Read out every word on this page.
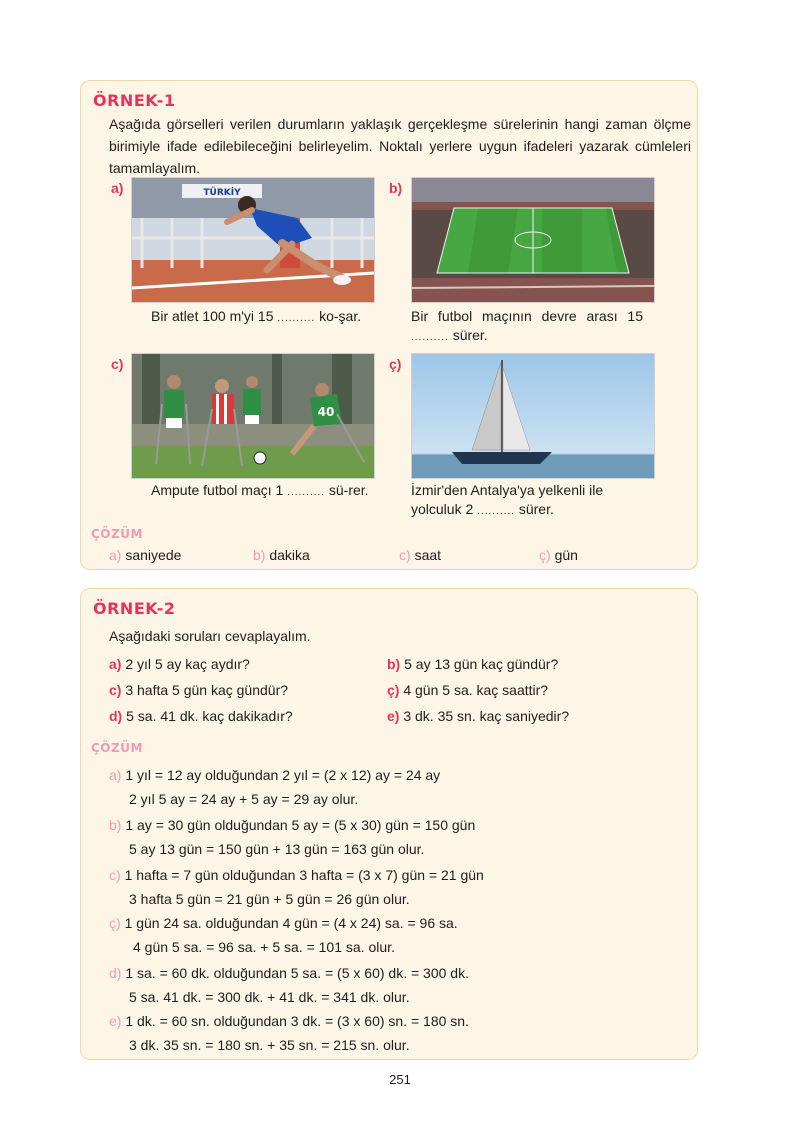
ÖRNEK-1
Aşağıda görselleri verilen durumların yaklaşık gerçekleşme sürelerinin hangi zaman ölçme birimiyle ifade edilebileceğini belirleyelim. Noktalı yerlere uygun ifadeleri yazarak cümleleri tamamlayalım.
a)	TÜRKİY
Bir atlet 100 m'yi 15 .......... ko-şar.
b)
Bir futbol maçının devre arası 15 .......... sürer.
c)
40
Ampute futbol maçı 1 .......... sü-rer.
ç)
İzmir'den Antalya'ya yelkenli ile yolculuk 2 .......... sürer.
ÇÖZÜM
a) saniyede	b) dakika	c) saat	ç) gün
ÖRNEK-2
Aşağıdaki soruları cevaplayalım.
a) 2 yıl 5 ay kaç aydır?	b) 5 ay 13 gün kaç gündür?
c) 3 hafta 5 gün kaç gündür?	ç) 4 gün 5 sa. kaç saattir?
d) 5 sa. 41 dk. kaç dakikadır?	e) 3 dk. 35 sn. kaç saniyedir?
ÇÖZÜM
a) 1 yıl = 12 ay olduğundan 2 yıl = (2 x 12) ay = 24 ay
2 yıl 5 ay = 24 ay + 5 ay = 29 ay olur.
b) 1 ay = 30 gün olduğundan 5 ay = (5 x 30) gün = 150 gün
5 ay 13 gün = 150 gün + 13 gün = 163 gün olur.
c) 1 hafta = 7 gün olduğundan 3 hafta = (3 x 7) gün = 21 gün
3 hafta 5 gün = 21 gün + 5 gün = 26 gün olur.
ç) 1 gün 24 sa. olduğundan 4 gün = (4 x 24) sa. = 96 sa.
4 gün 5 sa. = 96 sa. + 5 sa. = 101 sa. olur.
d) 1 sa. = 60 dk. olduğundan 5 sa. = (5 x 60) dk. = 300 dk.
5 sa. 41 dk. = 300 dk. + 41 dk. = 341 dk. olur.
e) 1 dk. = 60 sn. olduğundan 3 dk. = (3 x 60) sn. = 180 sn.
3 dk. 35 sn. = 180 sn. + 35 sn. = 215 sn. olur.
251
